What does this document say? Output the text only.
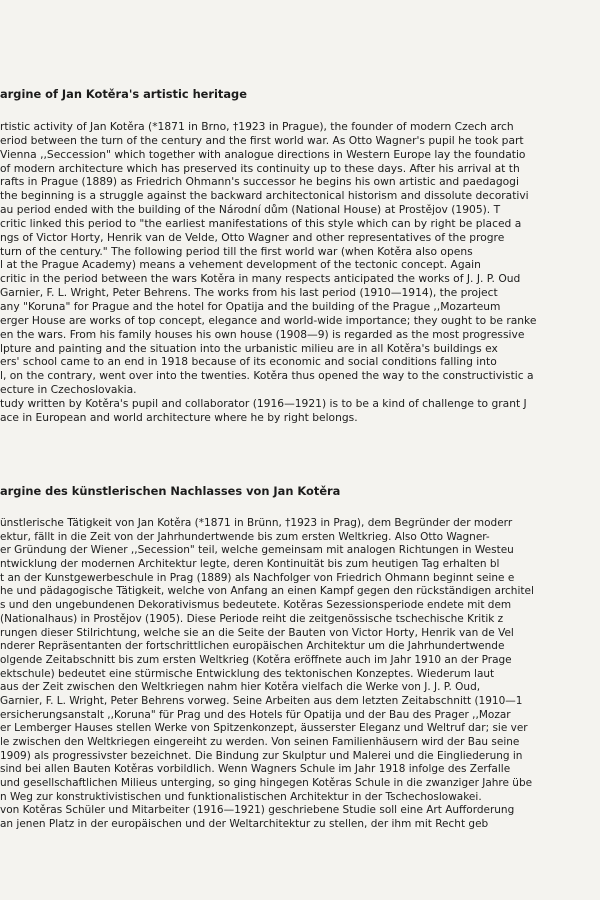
argine of Jan Kotěra's artistic heritage
rtistic activity of Jan Kotěra (*1871 in Brno, †1923 in Prague), the founder of modern Czech arch
eriod between the turn of the century and the first world war. As Otto Wagner's pupil he took part
Vienna ,,Seccession" which together with analogue directions in Western Europe lay the foundatio
of modern architecture which has preserved its continuity up to these days. After his arrival at th
rafts in Prague (1889) as Friedrich Ohmann's successor he begins his own artistic and paedagogi
the beginning is a struggle against the backward architectonical historism and dissolute decorativi
au period ended with the building of the Národní dům (National House) at Prostějov (1905). T
critic linked this period to "the earliest manifestations of this style which can by right be placed a
ngs of Victor Horty, Henrik van de Velde, Otto Wagner and other representatives of the progre
turn of the century." The following period till the first world war (when Kotěra also opens
l at the Prague Academy) means a vehement development of the tectonic concept. Again
critic in the period between the wars Kotěra in many respects anticipated the works of J. J. P. Oud
Garnier, F. L. Wright, Peter Behrens. The works from his last period (1910—1914), the project
any "Koruna" for Prague and the hotel for Opatija and the building of the Prague ,,Mozarteum
erger House are works of top concept, elegance and world-wide importance; they ought to be ranke
en the wars. From his family houses his own house (1908—9) is regarded as the most progressive
lpture and painting and the situation into the urbanistic milieu are in all Kotěra's buildings ex
ers' school came to an end in 1918 because of its economic and social conditions falling into
l, on the contrary, went over into the twenties. Kotěra thus opened the way to the constructivistic a
ecture in Czechoslovakia.
tudy written by Kotěra's pupil and collaborator (1916—1921) is to be a kind of challenge to grant J
ace in European and world architecture where he by right belongs.
argine des künstlerischen Nachlasses von Jan Kotěra
ünstlerische Tätigkeit von Jan Kotěra (*1871 in Brünn, †1923 in Prag), dem Begründer der moderr
ektur, fällt in die Zeit von der Jahrhundertwende bis zum ersten Weltkrieg. Also Otto Wagner-
er Gründung der Wiener ,,Secession" teil, welche gemeinsam mit analogen Richtungen in Westeu
ntwicklung der modernen Architektur legte, deren Kontinuität bis zum heutigen Tag erhalten bl
t an der Kunstgewerbeschule in Prag (1889) als Nachfolger von Friedrich Ohmann beginnt seine e
he und pädagogische Tätigkeit, welche von Anfang an einen Kampf gegen den rückständigen architel
s und den ungebundenen Dekorativismus bedeutete. Kotěras Sezessionsperiode endete mit dem
(Nationalhaus) in Prostějov (1905). Diese Periode reiht die zeitgenössische tschechische Kritik z
rungen dieser Stilrichtung, welche sie an die Seite der Bauten von Victor Horty, Henrik van de Vel
nderer Repräsentanten der fortschrittlichen europäischen Architektur um die Jahrhundertwende
olgende Zeitabschnitt bis zum ersten Weltkrieg (Kotěra eröffnete auch im Jahr 1910 an der Prage
ektschule) bedeutet eine stürmische Entwicklung des tektonischen Konzeptes. Wiederum laut
aus der Zeit zwischen den Weltkriegen nahm hier Kotěra vielfach die Werke von J. J. P. Oud,
Garnier, F. L. Wright, Peter Behrens vorweg. Seine Arbeiten aus dem letzten Zeitabschnitt (1910—1
ersicherungsanstalt ,,Koruna" für Prag und des Hotels für Opatija und der Bau des Prager ,,Mozar
er Lemberger Hauses stellen Werke von Spitzenkonzept, äusserster Eleganz und Weltruf dar; sie ver
le zwischen den Weltkriegen eingereiht zu werden. Von seinen Familienhäusern wird der Bau seine
1909) als progressivster bezeichnet. Die Bindung zur Skulptur und Malerei und die Eingliederung in
sind bei allen Bauten Kotěras vorbildlich. Wenn Wagners Schule im Jahr 1918 infolge des Zerfalle
und gesellschaftlichen Milieus unterging, so ging hingegen Kotěras Schule in die zwanziger Jahre übe
n Weg zur konstruktivistischen und funktionalistischen Architektur in der Tschechoslowakei.
von Kotěras Schüler und Mitarbeiter (1916—1921) geschriebene Studie soll eine Art Aufforderung
an jenen Platz in der europäischen und der Weltarchitektur zu stellen, der ihm mit Recht geb
